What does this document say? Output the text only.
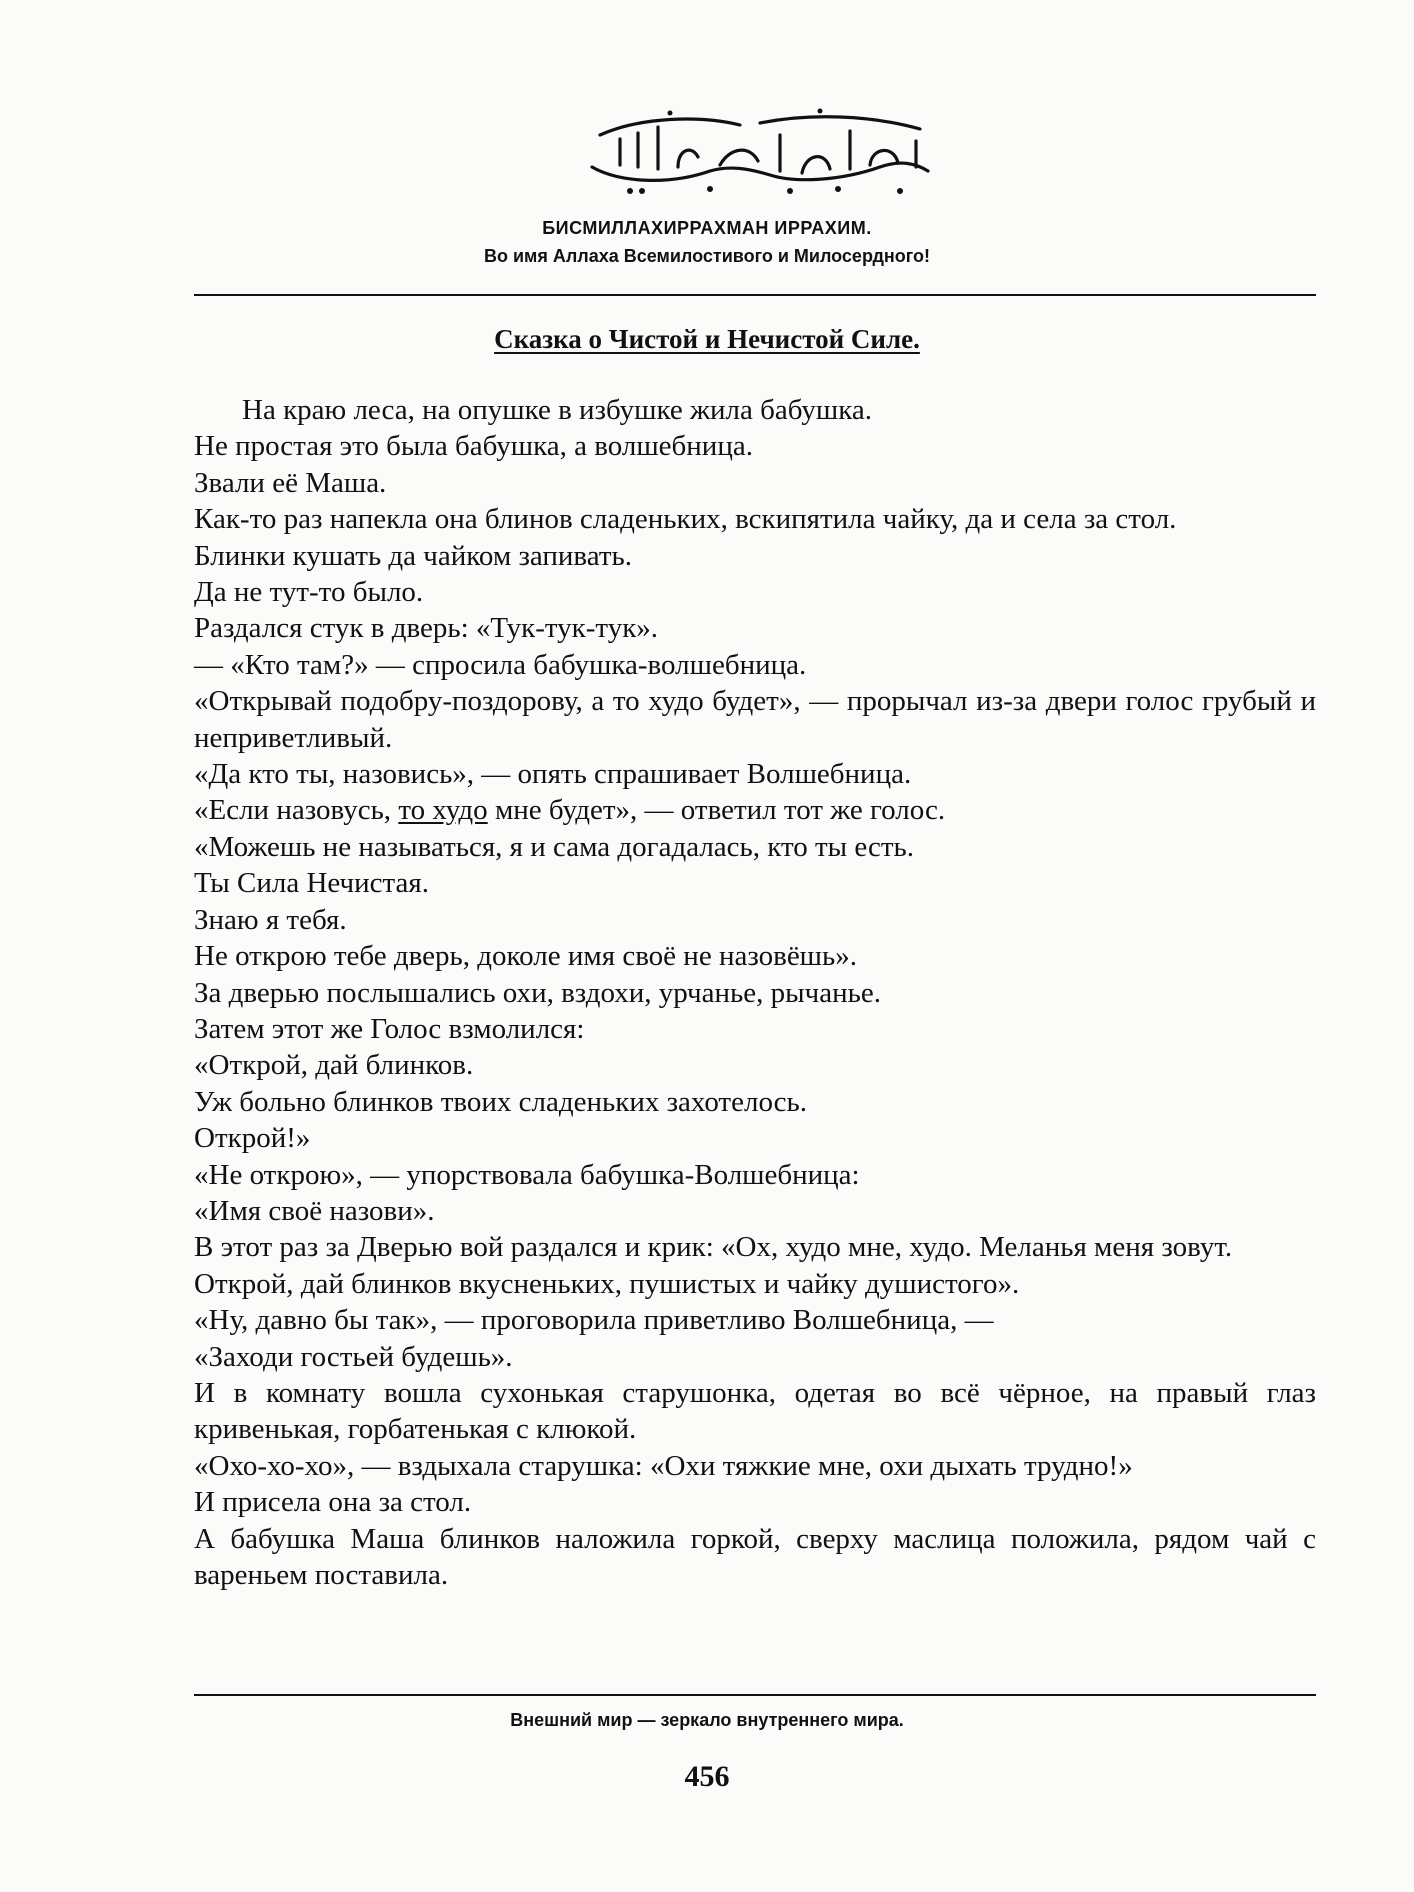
БИСМИЛЛАХИРРАХМАН ИРРАХИМ.
Во имя Аллаха Всемилостивого и Милосердного!
Сказка о Чистой и Нечистой Силе.

На краю леса, на опушке в избушке жила бабушка.

Не простая это была бабушка, а волшебница.

Звали её Маша.

Как-то раз напекла она блинов сладеньких, вскипятила чайку, да и села за стол.

Блинки кушать да чайком запивать.

Да не тут-то было.

Раздался стук в дверь: «Тук-тук-тук».

— «Кто там?» — спросила бабушка-волшебница.

«Открывай подобру-поздорову, а то худо будет», — прорычал из-за двери голос грубый и неприветливый.

«Да кто ты, назовись», — опять спрашивает Волшебница.

«Если назовусь, то худо мне будет», — ответил тот же голос.

«Можешь не называться, я и сама догадалась, кто ты есть.

Ты Сила Нечистая.

Знаю я тебя.

Не открою тебе дверь, доколе имя своё не назовёшь».

За дверью послышались охи, вздохи, урчанье, рычанье.

Затем этот же Голос взмолился:

«Открой, дай блинков.

Уж больно блинков твоих сладеньких захотелось.

Открой!»

«Не открою», — упорствовала бабушка-Волшебница:

«Имя своё назови».

В этот раз за Дверью вой раздался и крик: «Ох, худо мне, худо. Меланья меня зовут.

Открой, дай блинков вкусненьких, пушистых и чайку душистого».

«Ну, давно бы так», — проговорила приветливо Волшебница, —

«Заходи гостьей будешь».

И в комнату вошла сухонькая старушонка, одетая во всё чёрное, на правый глаз кривенькая, горбатенькая с клюкой.

«Охо-хо-хо», — вздыхала старушка: «Охи тяжкие мне, охи дыхать трудно!»

И присела она за стол.

А бабушка Маша блинков наложила горкой, сверху маслица положила, рядом чай с вареньем поставила.

Внешний мир — зеркало внутреннего мира.
456
